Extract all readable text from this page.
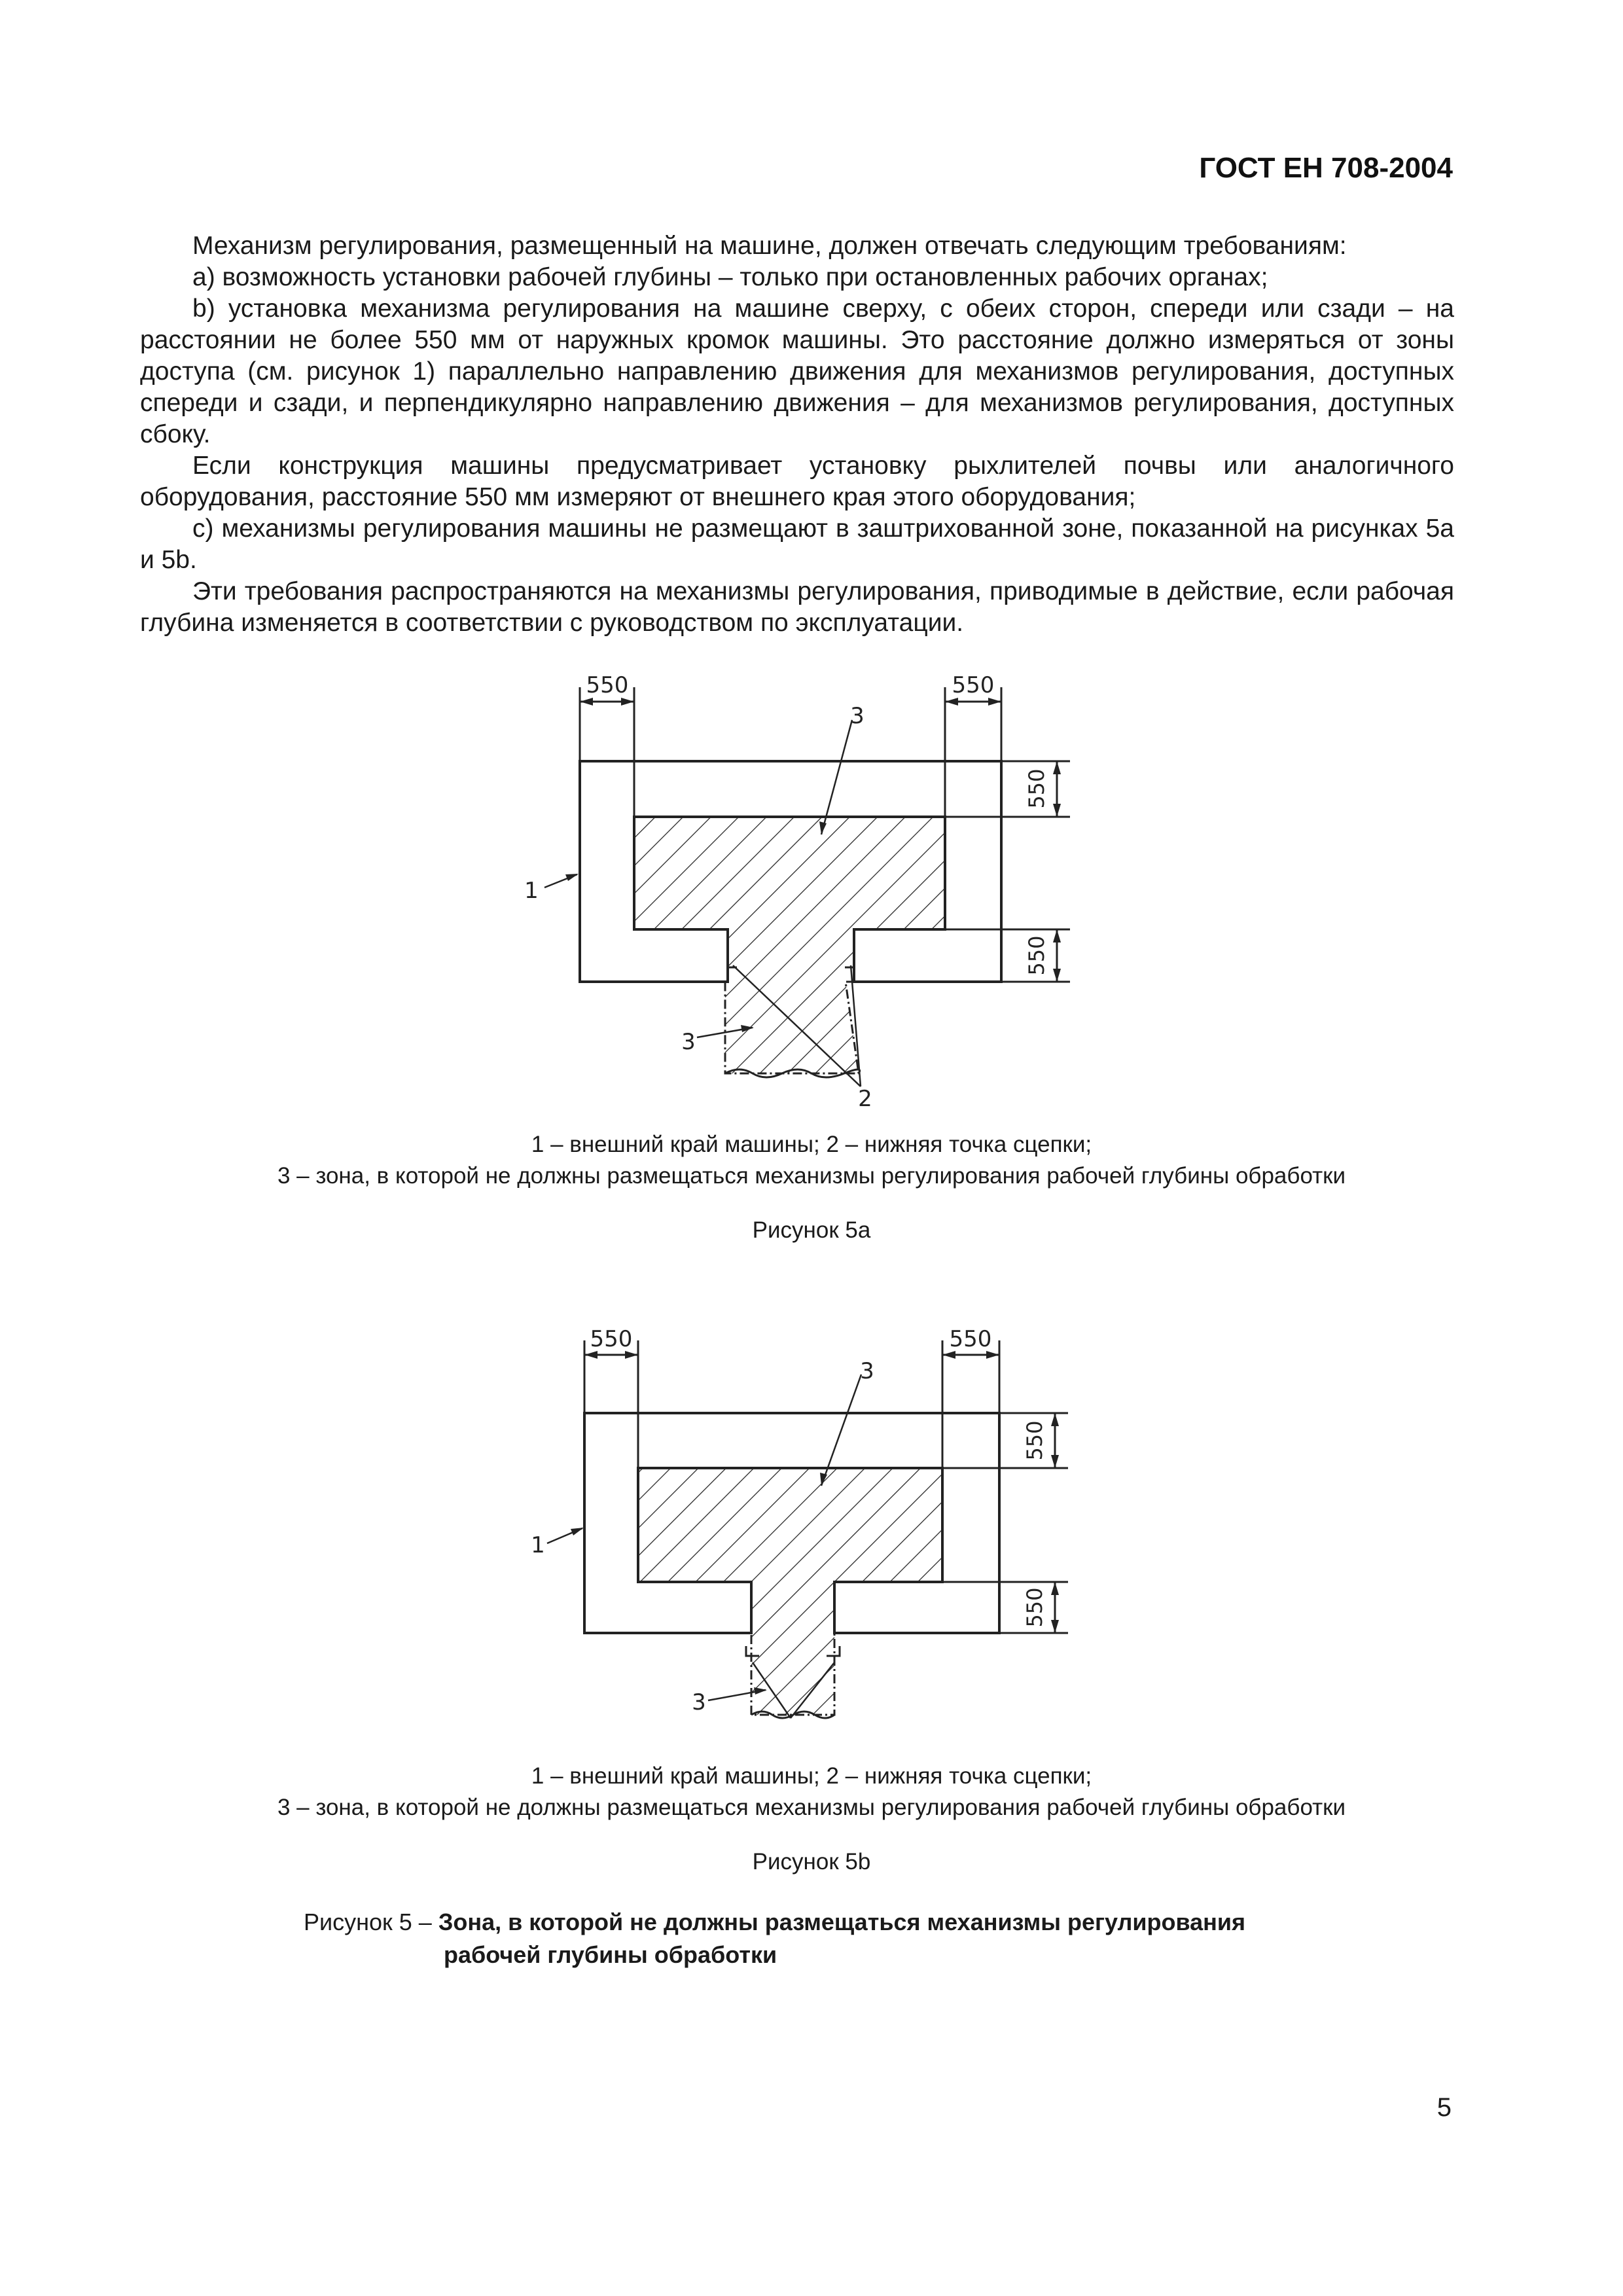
ГОСТ ЕН 708-2004

Механизм регулирования, размещенный на машине, должен отвечать следующим требованиям:

a) возможность установки рабочей глубины – только при остановленных рабочих органах;

b) установка механизма регулирования на машине сверху, с обеих сторон, спереди или сзади – на расстоянии не более 550 мм от наружных кромок машины. Это расстояние должно измеряться от зоны доступа (см. рисунок 1) параллельно направлению движения для механизмов регулирования, доступных спереди и сзади, и перпендикулярно направлению движения – для механизмов регулирования, доступных сбоку.

Если конструкция машины предусматривает установку рыхлителей почвы или аналогичного оборудования, расстояние 550 мм измеряют от внешнего края этого оборудования;

c) механизмы регулирования машины не размещают в заштрихованной зоне, показанной на рисунках 5a и 5b.

Эти требования распространяются на механизмы регулирования, приводимые в действие, если рабочая глубина изменяется в соответствии с руководством по эксплуатации.

550	550
550
550
3
1
3
2
1 – внешний край машины; 2 – нижняя точка сцепки;
3 – зона, в которой не должны размещаться механизмы регулирования рабочей глубины обработки
Рисунок 5a
550	550
550
550
3
1
3
1 – внешний край машины; 2 – нижняя точка сцепки;
3 – зона, в которой не должны размещаться механизмы регулирования рабочей глубины обработки
Рисунок 5b
Рисунок 5 – Зона, в которой не должны размещаться механизмы регулирования
рабочей глубины обработки
5
